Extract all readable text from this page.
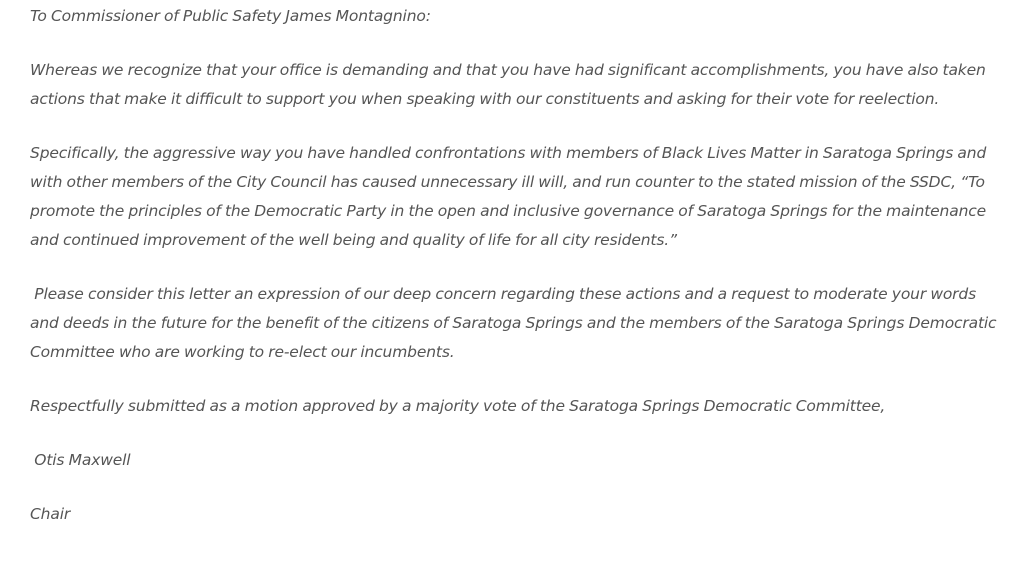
To Commissioner of Public Safety James Montagnino:

Whereas we recognize that your office is demanding and that you have had significant accomplishments, you have also taken actions that make it difficult to support you when speaking with our constituents and asking for their vote for reelection.

Specifically, the aggressive way you have handled confrontations with members of Black Lives Matter in Saratoga Springs and with other members of the City Council has caused unnecessary ill will, and run counter to the stated mission of the SSDC, “To promote the principles of the Democratic Party in the open and inclusive governance of Saratoga Springs for the maintenance and continued improvement of the well being and quality of life for all city residents.”

Please consider this letter an expression of our deep concern regarding these actions and a request to moderate your words and deeds in the future for the benefit of the citizens of Saratoga Springs and the members of the Saratoga Springs Democratic Committee who are working to re-elect our incumbents.

Respectfully submitted as a motion approved by a majority vote of the Saratoga Springs Democratic Committee,

Otis Maxwell

Chair
